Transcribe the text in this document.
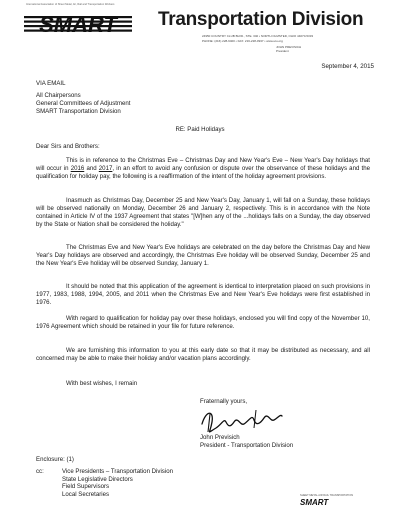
International Association of Sheet Metal, Air, Rail and Transportation Workers
SMART Transportation Division
24950 COUNTRY CLUB BLVD., STE. 340 • NORTH OLMSTED, OHIO 44070-5333
PHONE: (216) 228-9400 • FAX: 216-228-0937 • www.utu.org
JOHN PREVISICH
President
September 4, 2015
VIA EMAIL
All Chairpersons
General Committees of Adjustment
SMART Transportation Division
RE: Paid Holidays
Dear Sirs and Brothers:

This is in reference to the Christmas Eve – Christmas Day and New Year's Eve – New Year's Day holidays that will occur in 2016 and 2017, in an effort to avoid any confusion or dispute over the observance of these holidays and the qualification for holiday pay, the following is a reaffirmation of the intent of the holiday agreement provisions.

Inasmuch as Christmas Day, December 25 and New Year's Day, January 1, will fall on a Sunday, these holidays will be observed nationally on Monday, December 26 and January 2, respectively. This is in accordance with the Note contained in Article IV of the 1937 Agreement that states "[W]hen any of the ...holidays falls on a Sunday, the day observed by the State or Nation shall be considered the holiday."

The Christmas Eve and New Year's Eve holidays are celebrated on the day before the Christmas Day and New Year's Day holidays are observed and accordingly, the Christmas Eve holiday will be observed Sunday, December 25 and the New Year's Eve holiday will be observed Sunday, January 1.

It should be noted that this application of the agreement is identical to interpretation placed on such provisions in 1977, 1983, 1988, 1994, 2005, and 2011 when the Christmas Eve and New Year's Eve holidays were first established in 1976.

With regard to qualification for holiday pay over these holidays, enclosed you will find copy of the November 10, 1976 Agreement which should be retained in your file for future reference.

We are furnishing this information to you at this early date so that it may be distributed as necessary, and all concerned may be able to make their holiday and/or vacation plans accordingly.

With best wishes, I remain
Fraternally yours,
John Previsich
President - Transportation Division
Enclosure: (1)
cc:	Vice Presidents – Transportation Division
State Legislative Directors
Field Supervisors
Local Secretaries	SHEET METAL AIR RAIL TRANSPORTATION
SMART
